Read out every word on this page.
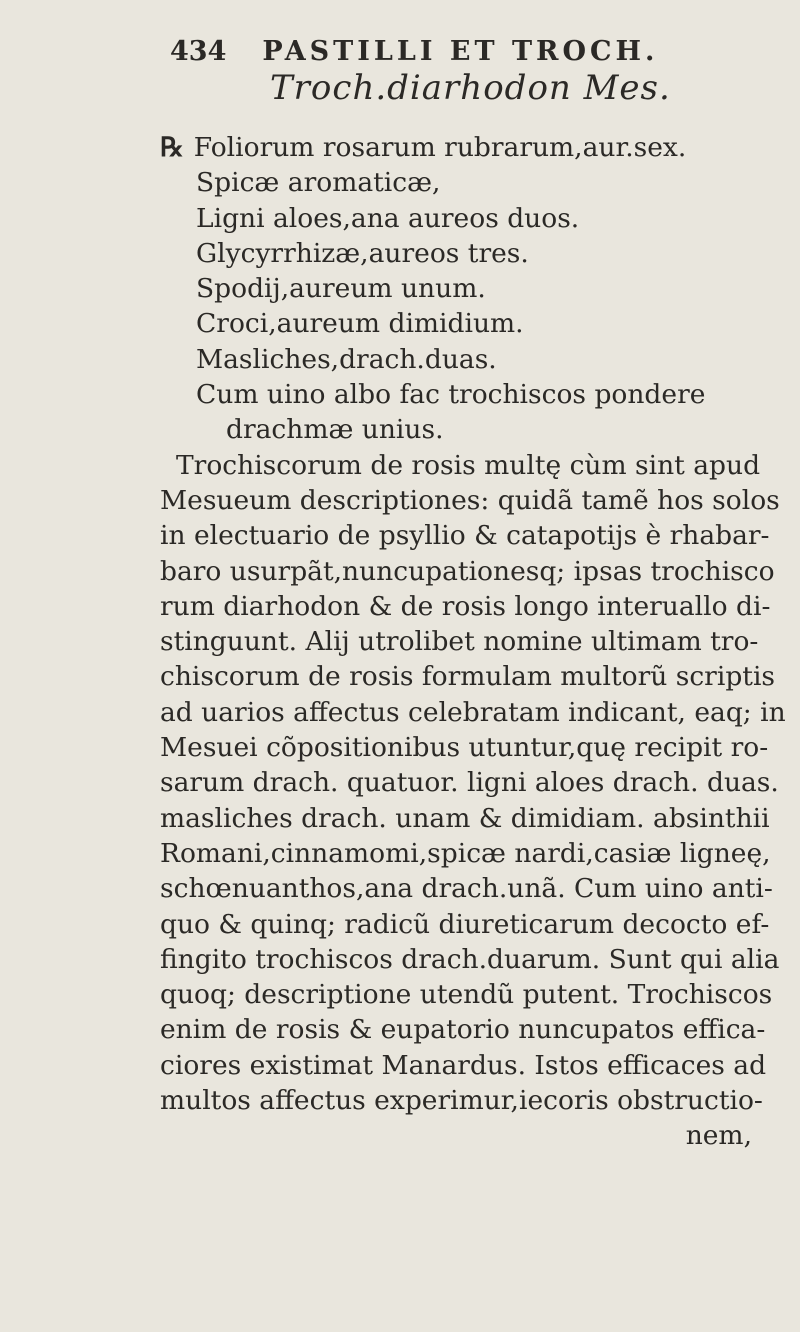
434 PASTILLI ET TROCH.
Troch.diarhodon Mes.
℞ Foliorum rosarum rubrarum,aur.sex.
Spicæ aromaticæ,
Ligni aloes,ana aureos duos.
Glycyrrhizæ,aureos tres.
Spodij,aureum unum.
Croci,aureum dimidium.
Masliches,drach.duas.
Cum uino albo fac trochiscos pondere
drachmæ unius.
Trochiscorum de rosis multę cùm sint apud
Mesueum descriptiones: quidã tamẽ hos solos
in electuario de psyllio & catapotijs è rhabar-
baro usurpãt,nuncupationesq; ipsas trochisco
rum diarhodon & de rosis longo interuallo di-
stinguunt. Alij utrolibet nomine ultimam tro-
chiscorum de rosis formulam multorũ scriptis
ad uarios affectus celebratam indicant, eaq; in
Mesuei cõpositionibus utuntur,quę recipit ro-
sarum drach. quatuor. ligni aloes drach. duas.
masliches drach. unam & dimidiam. absinthii
Romani,cinnamomi,spicæ nardi,casiæ ligneę,
schœnuanthos,ana drach.unã. Cum uino anti-
quo & quinq; radicũ diureticarum decocto ef-
fingito trochiscos drach.duarum. Sunt qui alia
quoq; descriptione utendũ putent. Trochiscos
enim de rosis & eupatorio nuncupatos effica-
ciores existimat Manardus. Istos efficaces ad
multos affectus experimur,iecoris obstructio-
nem,
